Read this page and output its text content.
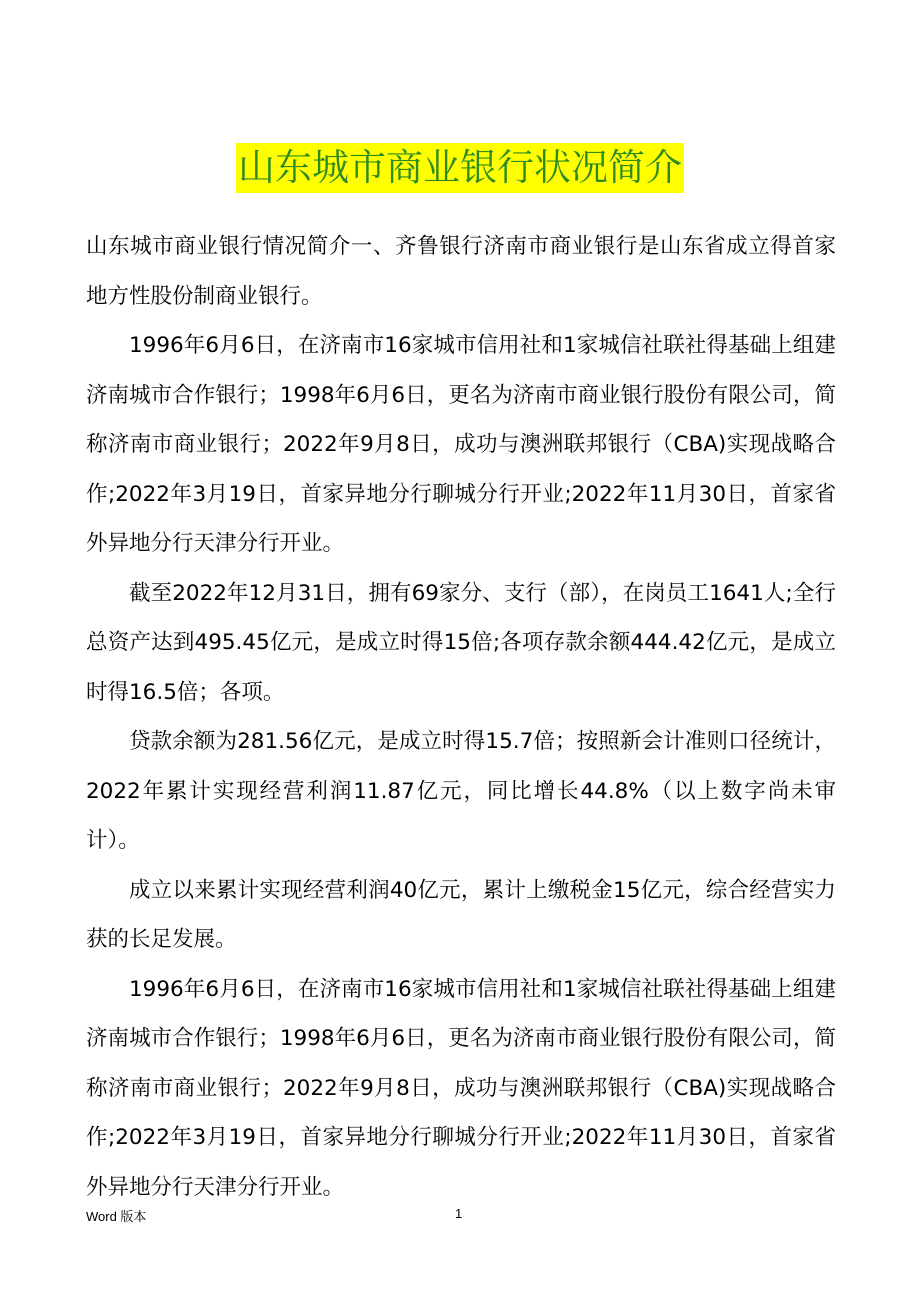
山东城市商业银行状况简介

山东城市商业银行情况简介一、齐鲁银行济南市商业银行是山东省成立得首家地方性股份制商业银行。

1996年6月6日，在济南市16家城市信用社和1家城信社联社得基础上组建济南城市合作银行；1998年6月6日，更名为济南市商业银行股份有限公司，简称济南市商业银行；2022年9月8日，成功与澳洲联邦银行（CBA)实现战略合作;2022年3月19日，首家异地分行聊城分行开业;2022年11月30日，首家省外异地分行天津分行开业。

截至2022年12月31日，拥有69家分、支行（部），在岗员工1641人;全行总资产达到495.45亿元，是成立时得15倍;各项存款余额444.42亿元，是成立时得16.5倍；各项。

贷款余额为281.56亿元，是成立时得15.7倍；按照新会计准则口径统计，2022年累计实现经营利润11.87亿元，同比增长44.8%（以上数字尚未审计）。

成立以来累计实现经营利润40亿元，累计上缴税金15亿元，综合经营实力获的长足发展。

1996年6月6日，在济南市16家城市信用社和1家城信社联社得基础上组建济南城市合作银行；1998年6月6日，更名为济南市商业银行股份有限公司，简称济南市商业银行；2022年9月8日，成功与澳洲联邦银行（CBA)实现战略合作;2022年3月19日，首家异地分行聊城分行开业;2022年11月30日，首家省外异地分行天津分行开业。

Word 版本	1
